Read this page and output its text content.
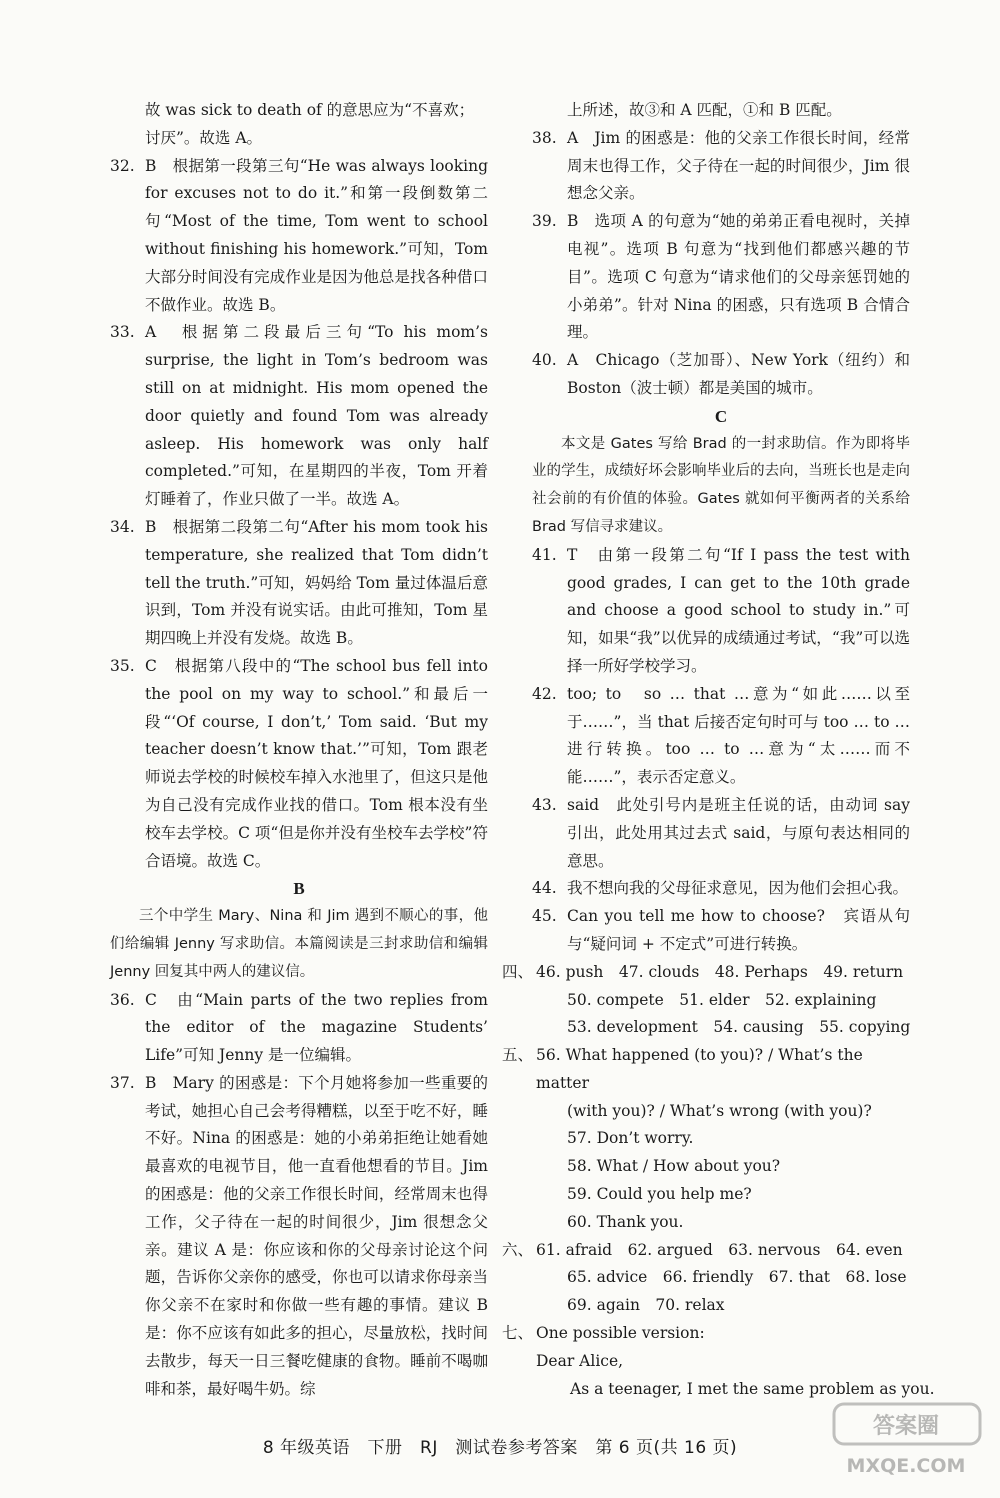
故 was sick to death of 的意思应为“不喜欢；
讨厌”。故选 A。

32. B　根据第一段第三句“He was always looking for excuses not to do it.”和第一段倒数第二句“Most of the time, Tom went to school without finishing his homework.”可知，Tom 大部分时间没有完成作业是因为他总是找各种借口不做作业。故选 B。
33. A　根据第二段最后三句“To his mom’s surprise, the light in Tom’s bedroom was still on at midnight. His mom opened the door quietly and found Tom was already asleep. His homework was only half completed.”可知，在星期四的半夜，Tom 开着灯睡着了，作业只做了一半。故选 A。
34. B　根据第二段第二句“After his mom took his temperature, she realized that Tom didn’t tell the truth.”可知，妈妈给 Tom 量过体温后意识到，Tom 并没有说实话。由此可推知，Tom 星期四晚上并没有发烧。故选 B。
35. C　根据第八段中的“The school bus fell into the pool on my way to school.”和最后一段“‘Of course, I don’t,’ Tom said. ‘But my teacher doesn’t know that.’”可知，Tom 跟老师说去学校的时候校车掉入水池里了，但这只是他为自己没有完成作业找的借口。Tom 根本没有坐校车去学校。C 项“但是你并没有坐校车去学校”符合语境。故选 C。

B

三个中学生 Mary、Nina 和 Jim 遇到不顺心的事，他们给编辑 Jenny 写求助信。本篇阅读是三封求助信和编辑 Jenny 回复其中两人的建议信。

36. C　由“Main parts of the two replies from the editor of the magazine Students’ Life”可知 Jenny 是一位编辑。
37. B　Mary 的困惑是：下个月她将参加一些重要的考试，她担心自己会考得糟糕，以至于吃不好，睡不好。Nina 的困惑是：她的小弟弟拒绝让她看她最喜欢的电视节目，他一直看他想看的节目。Jim 的困惑是：他的父亲工作很长时间，经常周末也得工作，父子待在一起的时间很少，Jim 很想念父亲。建议 A 是：你应该和你的父母亲讨论这个问题，告诉你父亲你的感受，你也可以请求你母亲当你父亲不在家时和你做一些有趣的事情。建议 B 是：你不应该有如此多的担心，尽量放松，找时间去散步，每天一日三餐吃健康的食物。睡前不喝咖啡和茶，最好喝牛奶。综

上所述，故③和 A 匹配，①和 B 匹配。

38. A　Jim 的困惑是：他的父亲工作很长时间，经常周末也得工作，父子待在一起的时间很少，Jim 很想念父亲。
39. B　选项 A 的句意为“她的弟弟正看电视时，关掉电视”。选项 B 句意为“找到他们都感兴趣的节目”。选项 C 句意为“请求他们的父母亲惩罚她的小弟弟”。针对 Nina 的困惑，只有选项 B 合情合理。
40. A　Chicago（芝加哥）、New York（纽约）和 Boston（波士顿）都是美国的城市。

C

本文是 Gates 写给 Brad 的一封求助信。作为即将毕业的学生，成绩好坏会影响毕业后的去向，当班长也是走向社会前的有价值的体验。Gates 就如何平衡两者的关系给 Brad 写信寻求建议。

41. T　由第一段第二句“If I pass the test with good grades, I can get to the 10th grade and choose a good school to study in.”可知，如果“我”以优异的成绩通过考试，“我”可以选择一所好学校学习。
42. too; to　so … that …意为“如此……以至于……”，当 that 后接否定句时可与 too … to …进行转换。too … to …意为“太……而不能……”，表示否定意义。
43. said　此处引号内是班主任说的话，由动词 say 引出，此处用其过去式 said，与原句表达相同的意思。
44. 我不想向我的父母征求意见，因为他们会担心我。
45. Can you tell me how to choose?　宾语从句与“疑问词 + 不定式”可进行转换。
四、 46. push　47. clouds　48. Perhaps　49. return

50. compete　51. elder　52. explaining

53. development　54. causing　55. copying

五、 56. What happened (to you)? / What’s the matter

(with you)? / What’s wrong (with you)?

57. Don’t worry.

58. What / How about you?

59. Could you help me?

60. Thank you.

六、 61. afraid　62. argued　63. nervous　64. even

65. advice　66. friendly　67. that　68. lose

69. again　70. relax

七、 One possible version:

Dear Alice,

As a teenager, I met the same problem as you.

8 年级英语　下册　RJ　测试卷参考答案　第 6 页(共 16 页)
答案圈
MXQE.COM
